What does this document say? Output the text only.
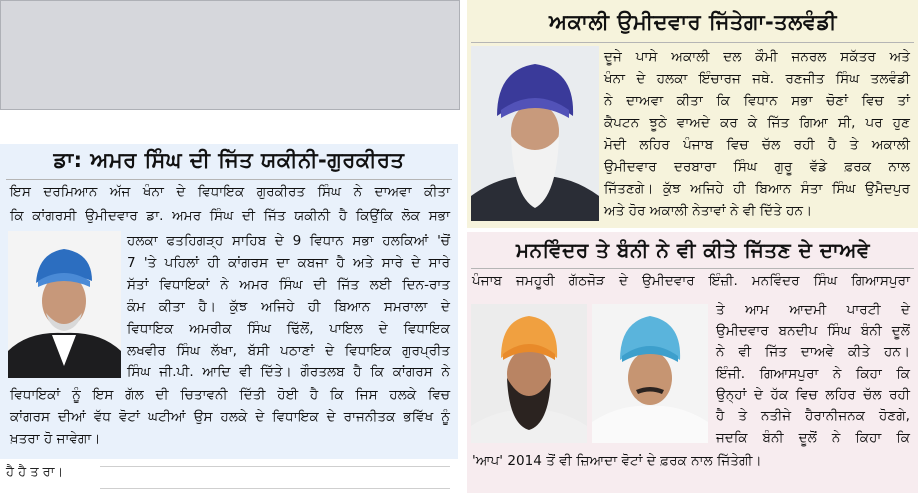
ਡਾ: ਅਮਰ ਸਿੰਘ ਦੀ ਜਿੱਤ ਯਕੀਨੀ-ਗੁਰਕੀਰਤ
ਇਸ ਦਰਮਿਆਨ ਅੱਜ ਖੰਨਾ ਦੇ ਵਿਧਾਇਕ ਗੁਰਕੀਰਤ ਸਿੰਘ ਨੇ ਦਾਅਵਾ ਕੀਤਾ
ਕਿ ਕਾਂਗਰਸੀ ਉਮੀਦਵਾਰ ਡਾ. ਅਮਰ ਸਿੰਘ ਦੀ ਜਿੱਤ ਯਕੀਨੀ ਹੈ ਕਿਉਂਕਿ ਲੋਕ ਸਭਾ
ਹਲਕਾ ਫਤਹਿਗੜ੍ਹ ਸਾਹਿਬ ਦੇ 9 ਵਿਧਾਨ ਸਭਾ ਹਲਕਿਆਂ 'ਚੋਂ
7 'ਤੇ ਪਹਿਲਾਂ ਹੀ ਕਾਂਗਰਸ ਦਾ ਕਬਜਾ ਹੈ ਅਤੇ ਸਾਰੇ ਦੇ ਸਾਰੇ
ਸੱਤਾਂ ਵਿਧਾਇਕਾਂ ਨੇ ਅਮਰ ਸਿੰਘ ਦੀ ਜਿੱਤ ਲਈ ਦਿਨ-ਰਾਤ
ਕੰਮ ਕੀਤਾ ਹੈ। ਕੁੱਝ ਅਜਿਹੇ ਹੀ ਬਿਆਨ ਸਮਰਾਲਾ ਦੇ
ਵਿਧਾਇਕ ਅਮਰੀਕ ਸਿੰਘ ਢਿੱਲੋਂ, ਪਾਇਲ ਦੇ ਵਿਧਾਇਕ
ਲਖਵੀਰ ਸਿੰਘ ਲੱਖਾ, ਬੱਸੀ ਪਠਾਣਾਂ ਦੇ ਵਿਧਾਇਕ ਗੁਰਪ੍ਰੀਤ
ਸਿੰਘ ਜੀ.ਪੀ. ਆਦਿ ਵੀ ਦਿੱਤੇ। ਗੌਰਤਲਬ ਹੈ ਕਿ ਕਾਂਗਰਸ ਨੇ
ਵਿਧਾਇਕਾਂ ਨੂੰ ਇਸ ਗੱਲ ਦੀ ਚਿਤਾਵਨੀ ਦਿੱਤੀ ਹੋਈ ਹੈ ਕਿ ਜਿਸ ਹਲਕੇ ਵਿਚ
ਕਾਂਗਰਸ ਦੀਆਂ ਵੱਧ ਵੋਟਾਂ ਘਟੀਆਂ ਉਸ ਹਲਕੇ ਦੇ ਵਿਧਾਇਕ ਦੇ ਰਾਜਨੀਤਕ ਭਵਿੱਖ ਨੂੰ
ਖ਼ਤਰਾ ਹੋ ਜਾਵੇਗਾ।
ਹੈ ਹੈ ਤ ਰਾ।
ਅਕਾਲੀ ਉਮੀਦਵਾਰ ਜਿੱਤੇਗਾ-ਤਲਵੰਡੀ
ਦੂਜੇ ਪਾਸੇ ਅਕਾਲੀ ਦਲ ਕੌਮੀ ਜਨਰਲ ਸਕੱਤਰ ਅਤੇ
ਖੰਨਾ ਦੇ ਹਲਕਾ ਇੰਚਾਰਜ ਜਥੇ. ਰਣਜੀਤ ਸਿੰਘ ਤਲਵੰਡੀ
ਨੇ ਦਾਅਵਾ ਕੀਤਾ ਕਿ ਵਿਧਾਨ ਸਭਾ ਚੋਣਾਂ ਵਿਚ ਤਾਂ
ਕੈਪਟਨ ਝੂਠੇ ਵਾਅਦੇ ਕਰ ਕੇ ਜਿੱਤ ਗਿਆ ਸੀ, ਪਰ ਹੁਣ
ਮੋਦੀ ਲਹਿਰ ਪੰਜਾਬ ਵਿਚ ਚੱਲ ਰਹੀ ਹੈ ਤੇ ਅਕਾਲੀ
ਉਮੀਦਵਾਰ ਦਰਬਾਰਾ ਸਿੰਘ ਗੁਰੂ ਵੱਡੇ ਫ਼ਰਕ ਨਾਲ
ਜਿੱਤਣਗੇ। ਕੁੱਝ ਅਜਿਹੇ ਹੀ ਬਿਆਨ ਸੰਤਾ ਸਿੰਘ ਉਮੈਦਪੁਰ
ਅਤੇ ਹੋਰ ਅਕਾਲੀ ਨੇਤਾਵਾਂ ਨੇ ਵੀ ਦਿੱਤੇ ਹਨ।
ਮਨਵਿੰਦਰ ਤੇ ਬੰਨੀ ਨੇ ਵੀ ਕੀਤੇ ਜਿੱਤਣ ਦੇ ਦਾਅਵੇ
ਪੰਜਾਬ ਜਮਹੂਰੀ ਗੱਠਜੋੜ ਦੇ ਉਮੀਦਵਾਰ ਇੰਜ਼ੀ. ਮਨਵਿੰਦਰ ਸਿੰਘ ਗਿਆਸਪੁਰਾ
ਤੇ ਆਮ ਆਦਮੀ ਪਾਰਟੀ ਦੇ
ਉਮੀਦਵਾਰ ਬਨਦੀਪ ਸਿੰਘ ਬੰਨੀ ਦੂਲੋਂ
ਨੇ ਵੀ ਜਿੱਤ ਦਾਅਵੇ ਕੀਤੇ ਹਨ।
ਇੰਜੀ. ਗਿਆਸਪੁਰਾ ਨੇ ਕਿਹਾ ਕਿ
ਉਨ੍ਹਾਂ ਦੇ ਹੱਕ ਵਿਚ ਲਹਿਰ ਚੱਲ ਰਹੀ
ਹੈ ਤੇ ਨਤੀਜੇ ਹੈਰਾਨੀਜਨਕ ਹੋਣਗੇ,
ਜਦਕਿ ਬੰਨੀ ਦੂਲੋਂ ਨੇ ਕਿਹਾ ਕਿ
'ਆਪ' 2014 ਤੋਂ ਵੀ ਜ਼ਿਆਦਾ ਵੋਟਾਂ ਦੇ ਫ਼ਰਕ ਨਾਲ ਜਿੱਤੇਗੀ।
